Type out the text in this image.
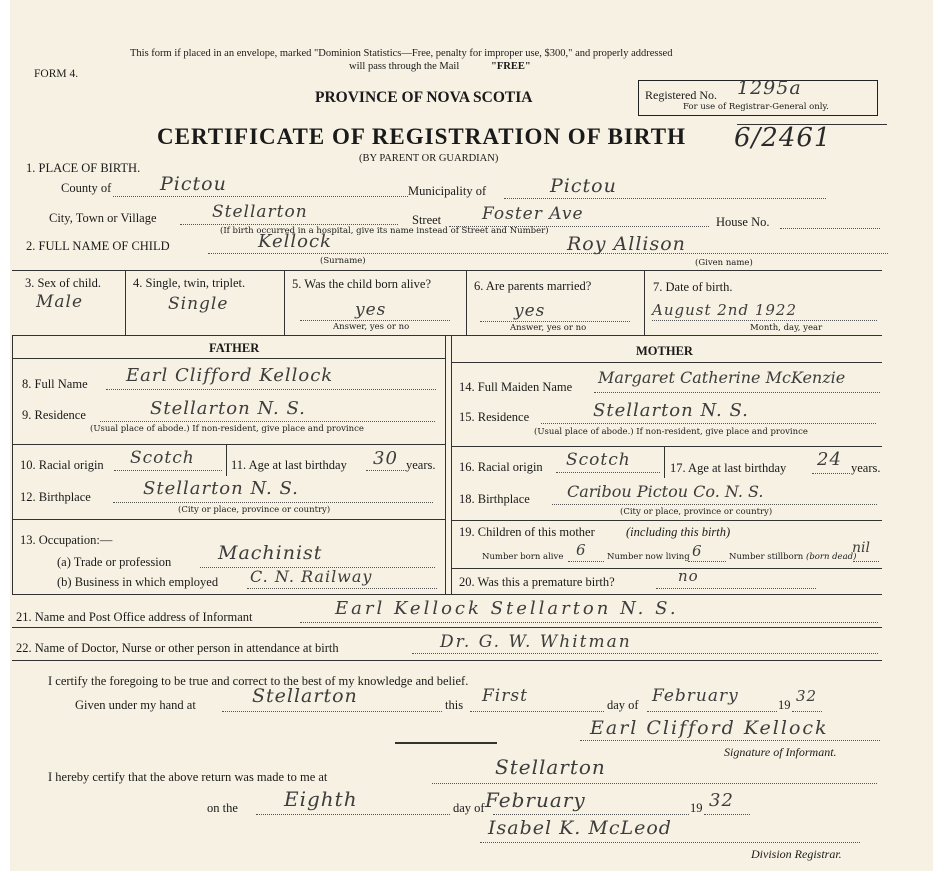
This form if placed in an envelope, marked "Dominion Statistics—Free, penalty for improper use, $300," and properly addressed
will pass through the Mail	"FREE"
FORM 4.
PROVINCE OF NOVA SCOTIA	Registered No. 1295a
For use of Registrar-General only.
CERTIFICATE OF REGISTRATION OF BIRTH 6/2461
(BY PARENT OR GUARDIAN)
1. PLACE OF BIRTH.
County of	Pictou	Municipality of	Pictou
City, Town or Village	Stellarton	Street Foster Ave	House No.
(If birth occurred in a hospital, give its name instead of Street and Number)
2. FULL NAME OF CHILD	Kellock	Roy Allison
(Surname)	(Given name)
3. Sex of child.
Male
4. Single, twin, triplet.
Single
5. Was the child born alive?
yes
Answer, yes or no
6. Are parents married?
yes
Answer, yes or no
7. Date of birth.
August 2nd 1922
Month, day, year
FATHER	MOTHER
8. Full Name Earl Clifford Kellock
9. Residence	Stellarton N. S.
(Usual place of abode.) If non-resident, give place and province
10. Racial origin Scotch	11. Age at last birthday 30 years.
12. Birthplace	Stellarton N. S.
(City or place, province or country)
13. Occupation:—
(a) Trade or profession Machinist
(b) Business in which employed C. N. Railway
14. Full Maiden Name Margaret Catherine McKenzie
15. Residence	Stellarton N. S.
(Usual place of abode.) If non-resident, give place and province
16. Racial origin Scotch	17. Age at last birthday 24 years.
18. Birthplace Caribou Pictou Co. N. S.
(City or place, province or country)
19. Children of this mother	(including this birth)
Number born alive 6 Number now living 6	Number stillborn (born dead)
nil
20. Was this a premature birth?	no
21. Name and Post Office address of Informant	Earl Kellock Stellarton N. S.
22. Name of Doctor, Nurse or other person in attendance at birth	Dr. G. W. Whitman
I certify the foregoing to be true and correct to the best of my knowledge and belief.
Given under my hand at	Stellarton	this First	day of February	19 32
Earl Clifford Kellock
Signature of Informant.
I hereby certify that the above return was made to me at	Stellarton
on the Eighth	day of February	19 32
Isabel K. McLeod
Division Registrar.
